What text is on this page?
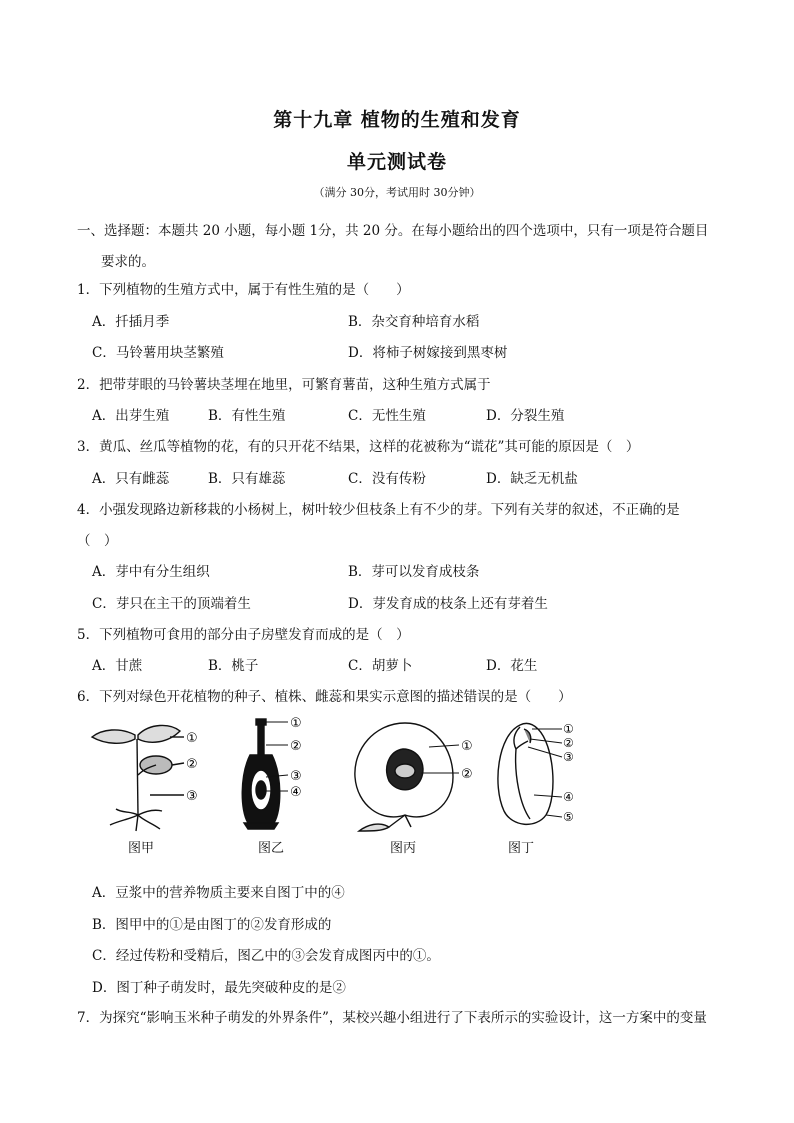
第十九章 植物的生殖和发育
单元测试卷
（满分 30分，考试用时 30分钟）
一、选择题：本题共 20 小题，每小题 1分，共 20 分。在每小题给出的四个选项中，只有一项是符合题目
要求的。
1．下列植物的生殖方式中，属于有性生殖的是（　　）
A．扦插月季	B．杂交育种培育水稻
C．马铃薯用块茎繁殖	D．将柿子树嫁接到黑枣树
2．把带芽眼的马铃薯块茎埋在地里，可繁育薯苗，这种生殖方式属于
A．出芽生殖	B．有性生殖	C．无性生殖	D．分裂生殖
3．黄瓜、丝瓜等植物的花，有的只开花不结果，这样的花被称为“谎花”其可能的原因是（　）
A．只有雌蕊	B．只有雄蕊	C．没有传粉	D．缺乏无机盐
4．小强发现路边新移栽的小杨树上，树叶较少但枝条上有不少的芽。下列有关芽的叙述，不正确的是
（　）
A．芽中有分生组织	B．芽可以发育成枝条
C．芽只在主干的顶端着生	D．芽发育成的枝条上还有芽着生
5．下列植物可食用的部分由子房壁发育而成的是（　）
A．甘蔗	B．桃子	C．胡萝卜	D．花生
6．下列对绿色开花植物的种子、植株、雌蕊和果实示意图的描述错误的是（　　）
①
②
③
①
②
③
④
①
②
①
②
③
④
⑤
图甲	图乙	图丙	图丁
A．豆浆中的营养物质主要来自图丁中的④
B．图甲中的①是由图丁的②发育形成的
C．经过传粉和受精后，图乙中的③会发育成图丙中的①。
D．图丁种子萌发时，最先突破种皮的是②
7．为探究“影响玉米种子萌发的外界条件”，某校兴趣小组进行了下表所示的实验设计，这一方案中的变量
